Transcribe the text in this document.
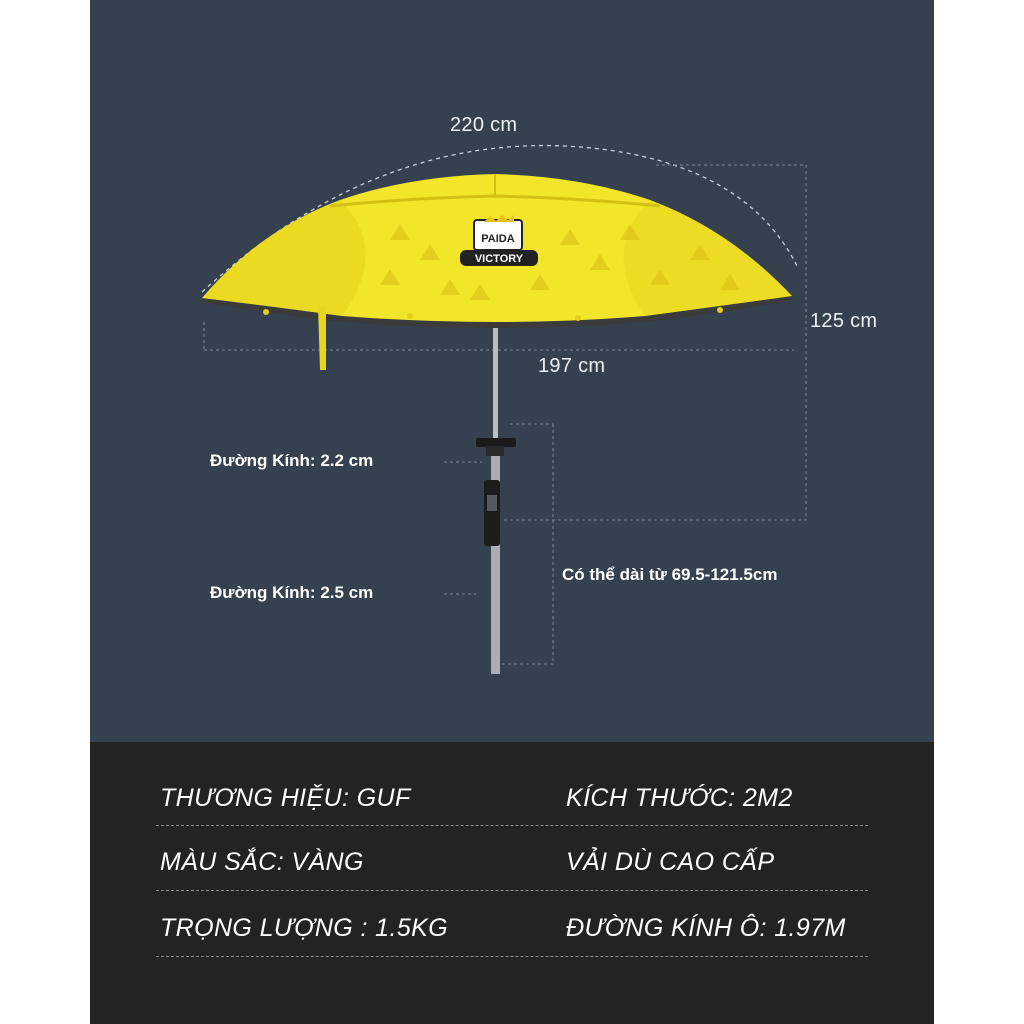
PAIDA
VICTORY
220 cm
197 cm
125 cm
Đường Kính: 2.2 cm
Đường Kính: 2.5 cm
Có thể dài từ 69.5-121.5cm
THƯƠNG HIỆU: GUF	KÍCH THƯỚC: 2M2
MÀU SẮC: VÀNG	VẢI DÙ CAO CẤP
TRỌNG LƯỢNG : 1.5KG	ĐƯỜNG KÍNH Ô: 1.97M
